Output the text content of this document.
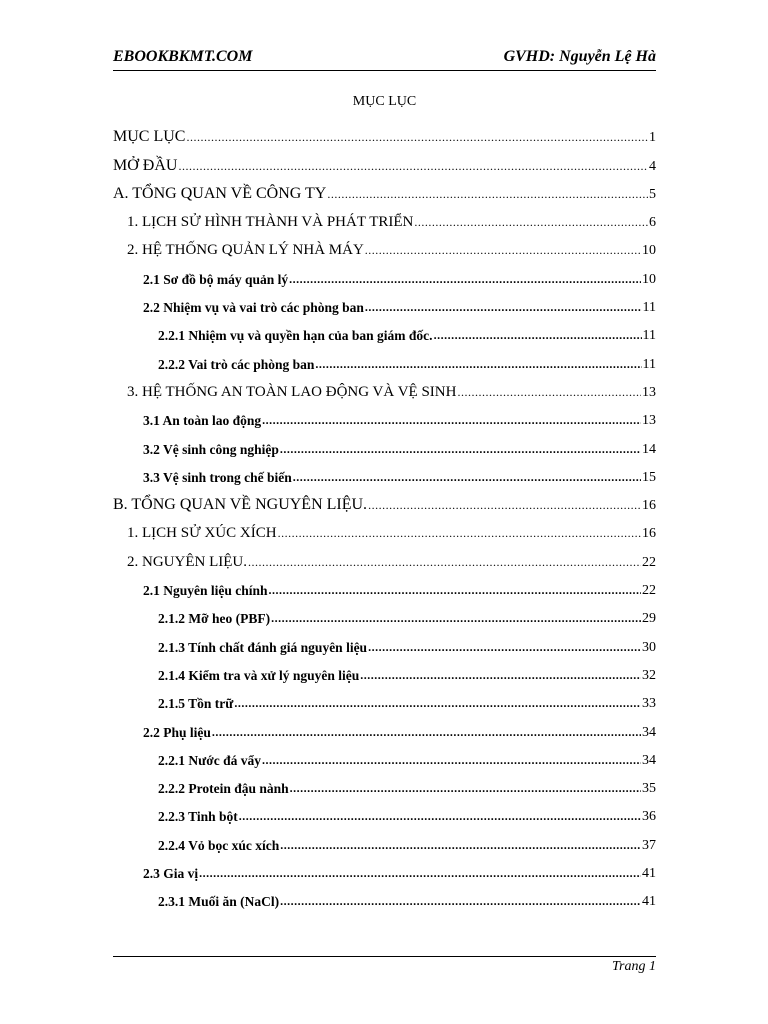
EBOOKBKMT.COM	GVHD: Nguyễn Lệ Hà
MỤC LỤC
MỤC LỤC .....	1
MỞ ĐẦU .....	4
A. TỔNG QUAN VỀ CÔNG TY .....	5
1. LỊCH SỬ HÌNH THÀNH VÀ PHÁT TRIỂN .....	6
2. HỆ THỐNG QUẢN LÝ NHÀ MÁY .....	10
2.1 Sơ đồ bộ máy quản lý .....	10
2.2 Nhiệm vụ và vai trò các phòng ban .....	11
2.2.1 Nhiệm vụ và quyền hạn của ban giám đốc. .....	11
2.2.2 Vai trò các phòng ban .....	11
3. HỆ THỐNG AN TOÀN LAO ĐỘNG VÀ VỆ SINH .....	13
3.1 An toàn lao động .....	13
3.2 Vệ sinh công nghiệp .....	14
3.3 Vệ sinh trong chế biến .....	15
B. TỔNG QUAN VỀ NGUYÊN LIỆU. .....	16
1. LỊCH SỬ XÚC XÍCH .....	16
2. NGUYÊN LIỆU. .....	22
2.1 Nguyên liệu chính .....	22
2.1.2 Mỡ heo (PBF) .....	29
2.1.3 Tính chất đánh giá nguyên liệu .....	30
2.1.4 Kiểm tra và xử lý nguyên liệu .....	32
2.1.5 Tồn trữ .....	33
2.2 Phụ liệu .....	34
2.2.1 Nước đá vẩy .....	34
2.2.2 Protein đậu nành .....	35
2.2.3 Tinh bột .....	36
2.2.4 Vỏ bọc xúc xích .....	37
2.3 Gia vị .....	41
2.3.1 Muối ăn (NaCl) .....	41
Trang 1
